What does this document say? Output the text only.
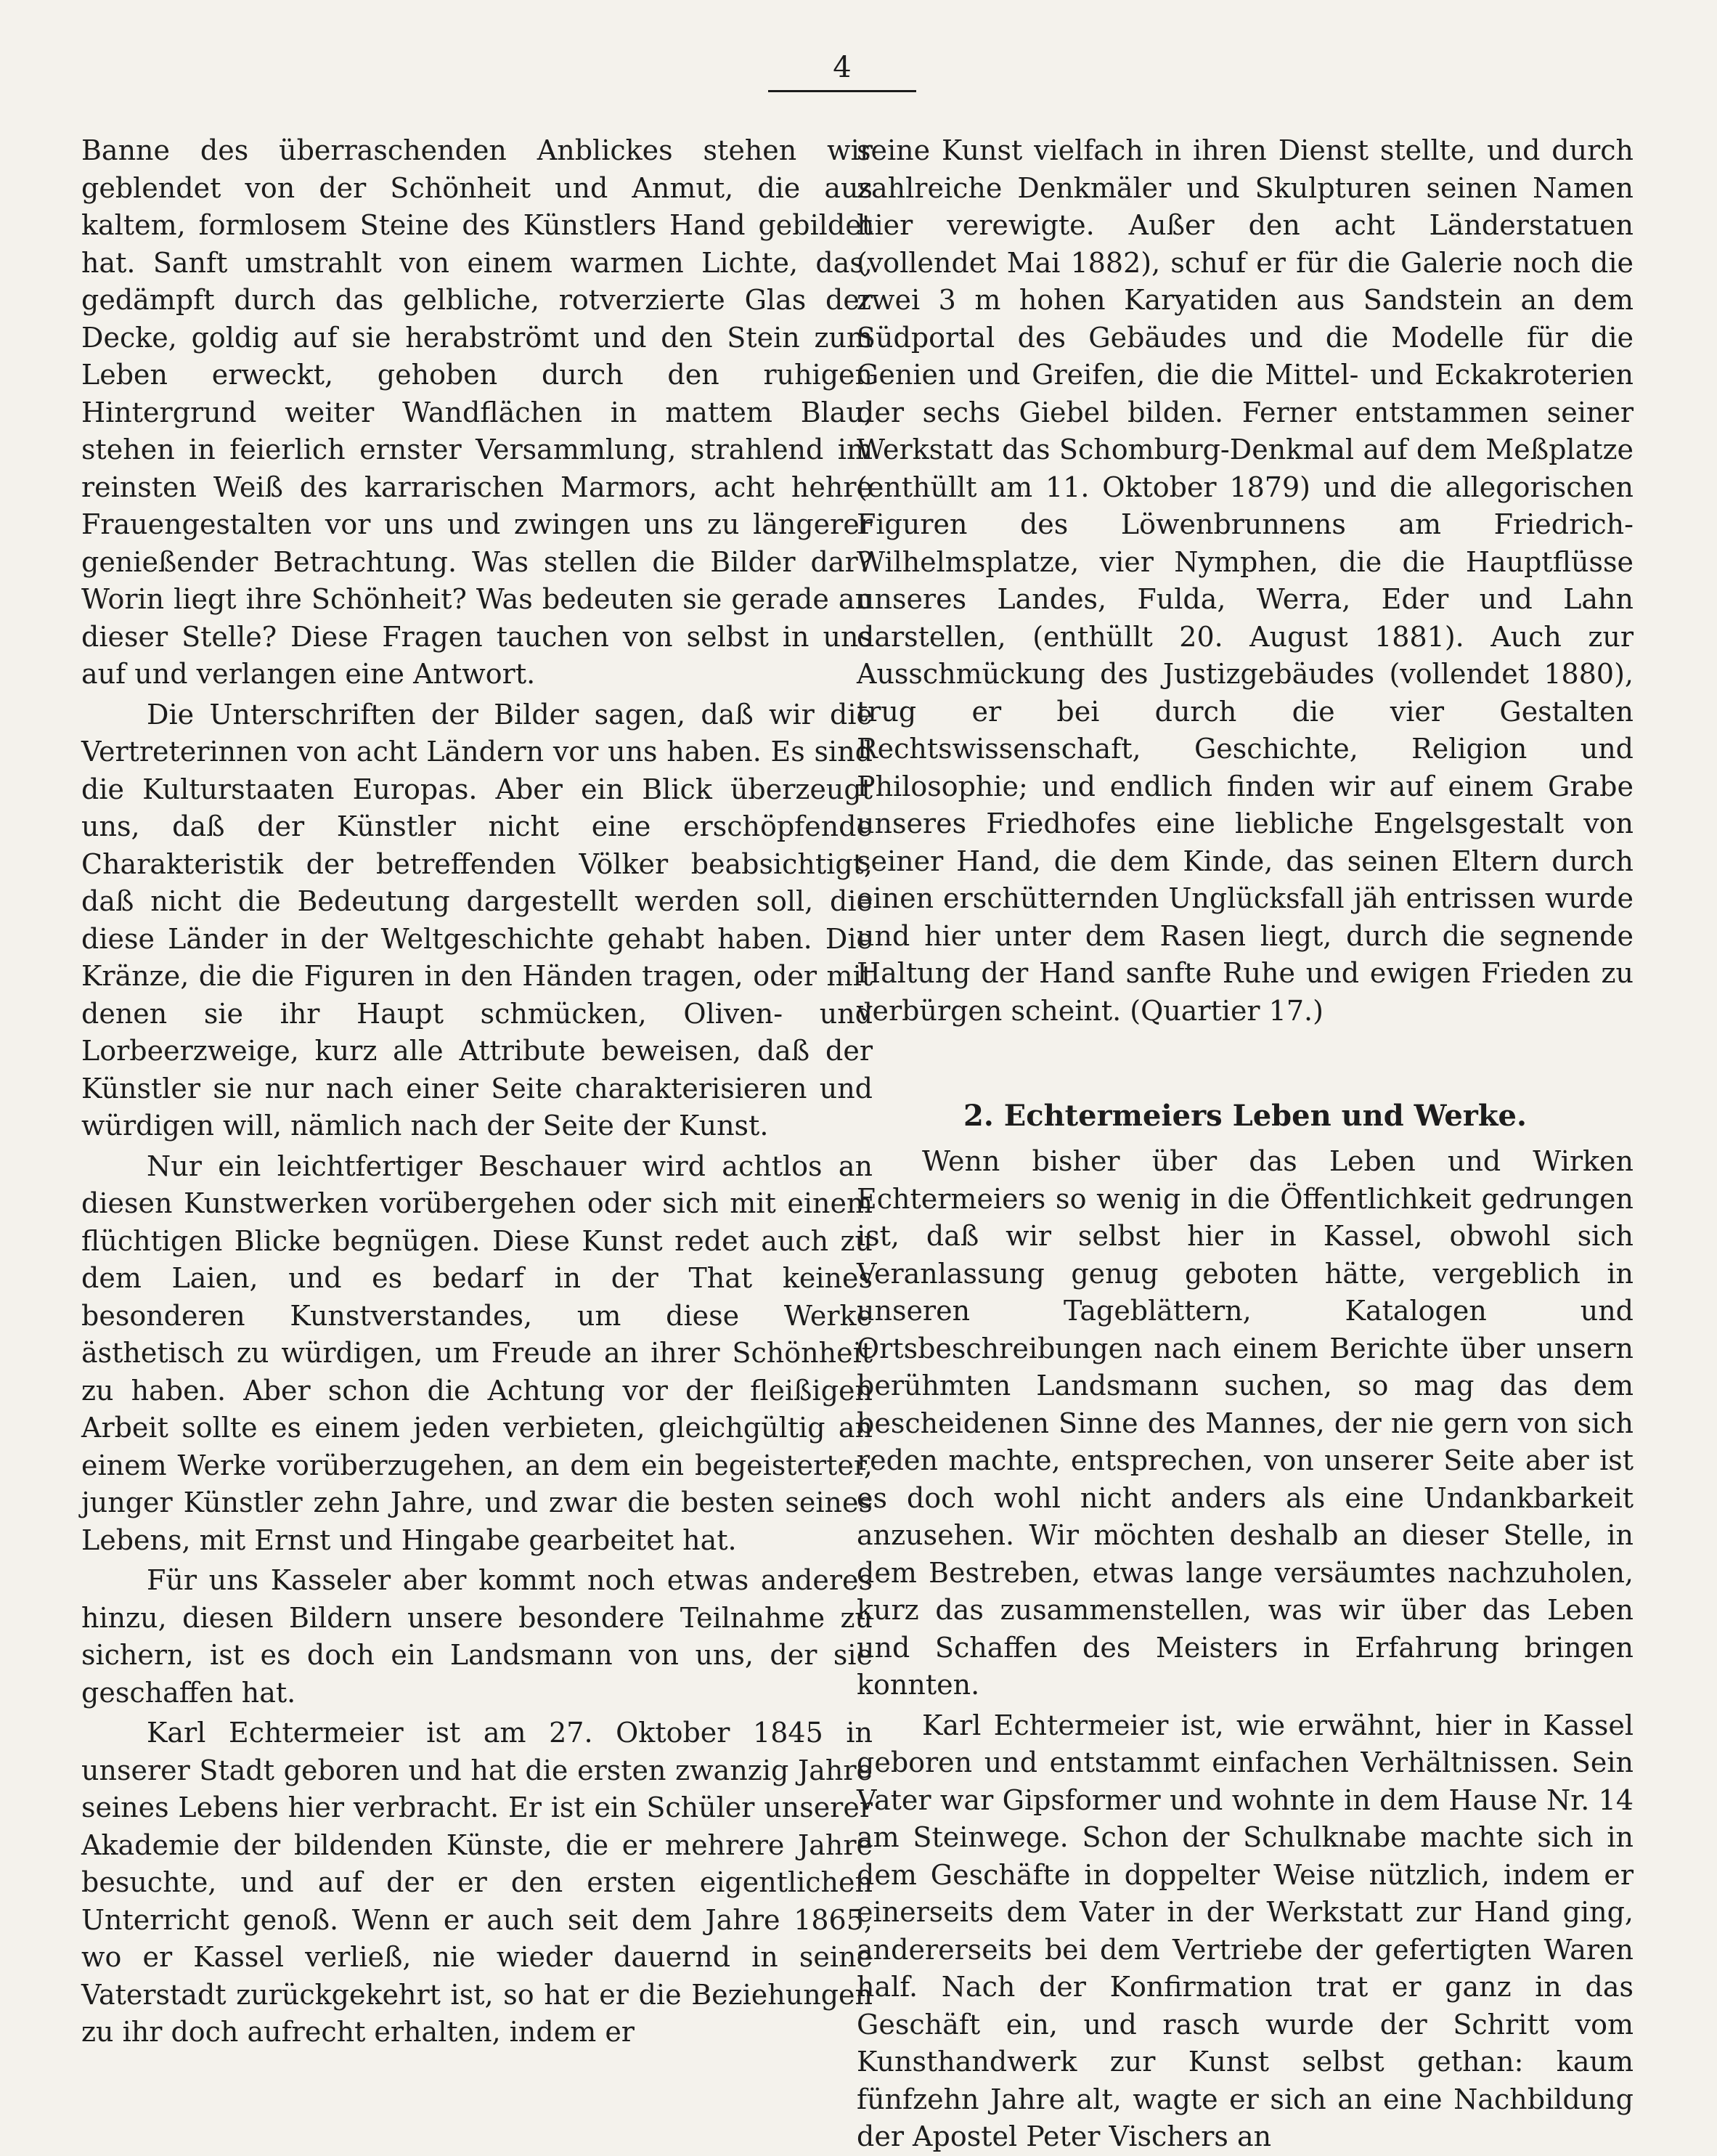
4

Banne des überraschenden Anblickes stehen wir geblendet von der Schönheit und Anmut, die aus kaltem, formlosem Steine des Künstlers Hand gebildet hat. Sanft umstrahlt von einem warmen Lichte, das, gedämpft durch das gelbliche, rotverzierte Glas der Decke, goldig auf sie herabströmt und den Stein zum Leben erweckt, gehoben durch den ruhigen Hintergrund weiter Wandflächen in mattem Blau, stehen in feierlich ernster Versammlung, strahlend im reinsten Weiß des karrarischen Marmors, acht hehre Frauengestalten vor uns und zwingen uns zu längerer genießender Betrachtung. Was stellen die Bilder dar? Worin liegt ihre Schönheit? Was bedeuten sie gerade an dieser Stelle? Diese Fragen tauchen von selbst in uns auf und verlangen eine Antwort.

Die Unterschriften der Bilder sagen, daß wir die Vertreterinnen von acht Ländern vor uns haben. Es sind die Kulturstaaten Europas. Aber ein Blick überzeugt uns, daß der Künstler nicht eine erschöpfende Charakteristik der betreffenden Völker beabsichtigt, daß nicht die Bedeutung dargestellt werden soll, die diese Länder in der Weltgeschichte gehabt haben. Die Kränze, die die Figuren in den Händen tragen, oder mit denen sie ihr Haupt schmücken, Oliven- und Lorbeerzweige, kurz alle Attribute beweisen, daß der Künstler sie nur nach einer Seite charakterisieren und würdigen will, nämlich nach der Seite der Kunst.

Nur ein leichtfertiger Beschauer wird achtlos an diesen Kunstwerken vorübergehen oder sich mit einem flüchtigen Blicke begnügen. Diese Kunst redet auch zu dem Laien, und es bedarf in der That keines besonderen Kunstverstandes, um diese Werke ästhetisch zu würdigen, um Freude an ihrer Schönheit zu haben. Aber schon die Achtung vor der fleißigen Arbeit sollte es einem jeden verbieten, gleichgültig an einem Werke vorüberzugehen, an dem ein begeisterter, junger Künstler zehn Jahre, und zwar die besten seines Lebens, mit Ernst und Hingabe gearbeitet hat.

Für uns Kasseler aber kommt noch etwas anderes hinzu, diesen Bildern unsere besondere Teilnahme zu sichern, ist es doch ein Landsmann von uns, der sie geschaffen hat.

Karl Echtermeier ist am 27. Oktober 1845 in unserer Stadt geboren und hat die ersten zwanzig Jahre seines Lebens hier verbracht. Er ist ein Schüler unserer Akademie der bildenden Künste, die er mehrere Jahre besuchte, und auf der er den ersten eigentlichen Unterricht genoß. Wenn er auch seit dem Jahre 1865, wo er Kassel verließ, nie wieder dauernd in seine Vaterstadt zurückgekehrt ist, so hat er die Beziehungen zu ihr doch aufrecht erhalten, indem er

seine Kunst vielfach in ihren Dienst stellte, und durch zahlreiche Denkmäler und Skulpturen seinen Namen hier verewigte. Außer den acht Länderstatuen (vollendet Mai 1882), schuf er für die Galerie noch die zwei 3 m hohen Karyatiden aus Sandstein an dem Südportal des Gebäudes und die Modelle für die Genien und Greifen, die die Mittel- und Eckakroterien der sechs Giebel bilden. Ferner entstammen seiner Werkstatt das Schomburg-Denkmal auf dem Meßplatze (enthüllt am 11. Oktober 1879) und die allegorischen Figuren des Löwenbrunnens am Friedrich-Wilhelmsplatze, vier Nymphen, die die Hauptflüsse unseres Landes, Fulda, Werra, Eder und Lahn darstellen, (enthüllt 20. August 1881). Auch zur Ausschmückung des Justizgebäudes (vollendet 1880), trug er bei durch die vier Gestalten Rechtswissenschaft, Geschichte, Religion und Philosophie; und endlich finden wir auf einem Grabe unseres Friedhofes eine liebliche Engelsgestalt von seiner Hand, die dem Kinde, das seinen Eltern durch einen erschütternden Unglücksfall jäh entrissen wurde und hier unter dem Rasen liegt, durch die segnende Haltung der Hand sanfte Ruhe und ewigen Frieden zu verbürgen scheint. (Quartier 17.)

2. Echtermeiers Leben und Werke.

Wenn bisher über das Leben und Wirken Echtermeiers so wenig in die Öffentlichkeit gedrungen ist, daß wir selbst hier in Kassel, obwohl sich Veranlassung genug geboten hätte, vergeblich in unseren Tageblättern, Katalogen und Ortsbeschreibungen nach einem Berichte über unsern berühmten Landsmann suchen, so mag das dem bescheidenen Sinne des Mannes, der nie gern von sich reden machte, entsprechen, von unserer Seite aber ist es doch wohl nicht anders als eine Undankbarkeit anzusehen. Wir möchten deshalb an dieser Stelle, in dem Bestreben, etwas lange versäumtes nachzuholen, kurz das zusammenstellen, was wir über das Leben und Schaffen des Meisters in Erfahrung bringen konnten.

Karl Echtermeier ist, wie erwähnt, hier in Kassel geboren und entstammt einfachen Verhältnissen. Sein Vater war Gipsformer und wohnte in dem Hause Nr. 14 am Steinwege. Schon der Schulknabe machte sich in dem Geschäfte in doppelter Weise nützlich, indem er einerseits dem Vater in der Werkstatt zur Hand ging, andererseits bei dem Vertriebe der gefertigten Waren half. Nach der Konfirmation trat er ganz in das Geschäft ein, und rasch wurde der Schritt vom Kunsthandwerk zur Kunst selbst gethan: kaum fünfzehn Jahre alt, wagte er sich an eine Nachbildung der Apostel Peter Vischers an
